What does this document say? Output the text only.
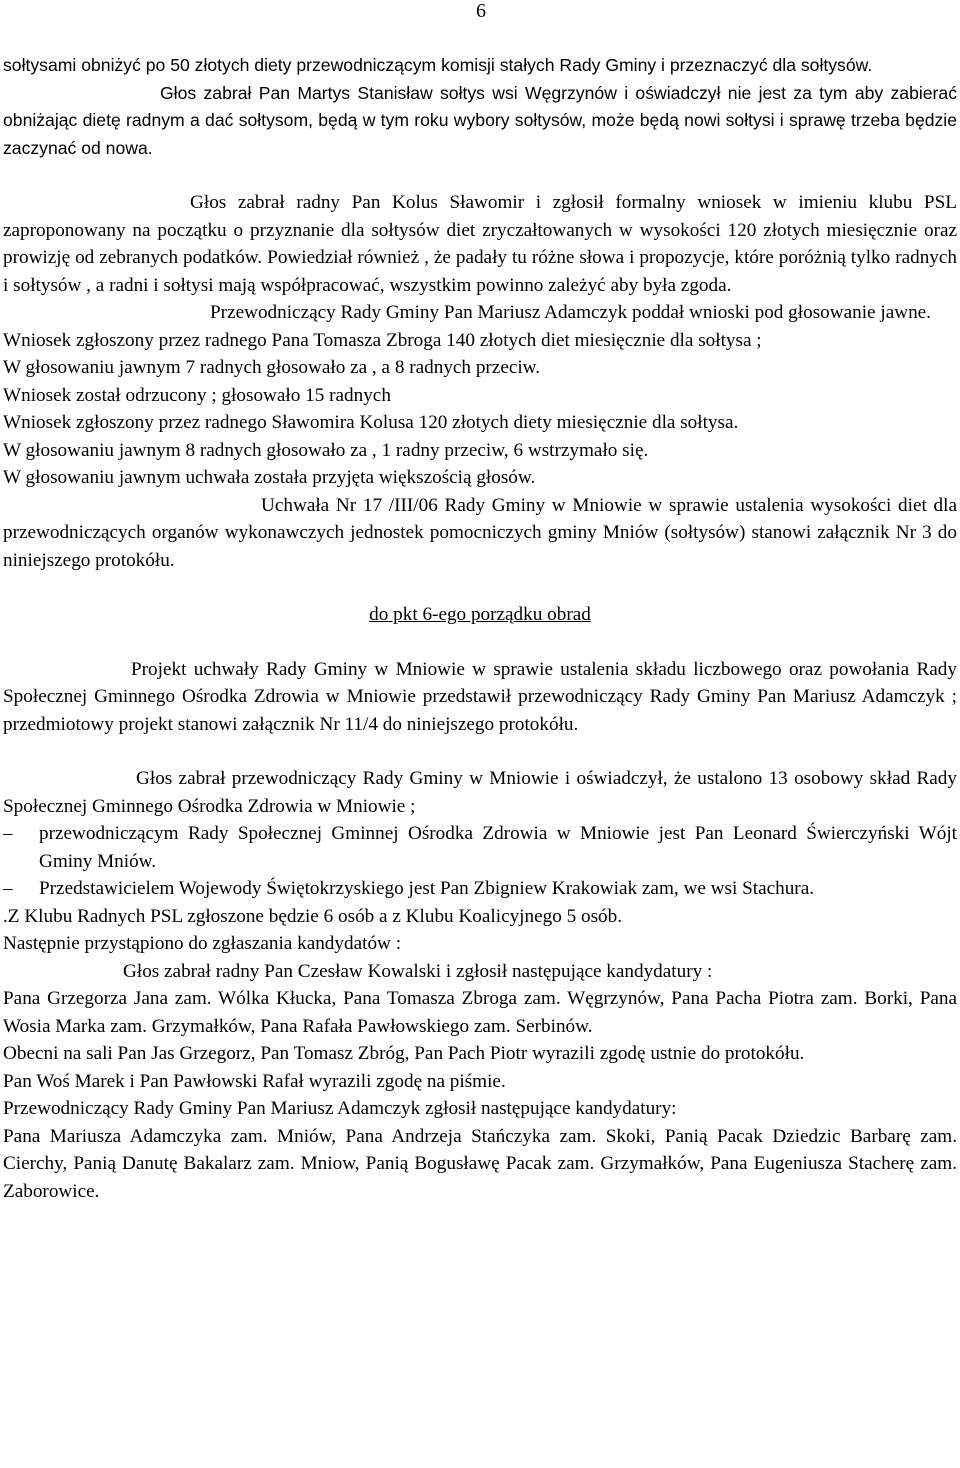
6

sołtysami obniżyć po 50 złotych diety przewodniczącym komisji stałych Rady Gminy i przeznaczyć dla sołtysów.

Głos zabrał Pan Martys Stanisław sołtys wsi Węgrzynów i oświadczył nie jest za tym aby zabierać obniżając dietę radnym a dać sołtysom, będą w tym roku wybory sołtysów, może będą nowi sołtysi i sprawę trzeba będzie zaczynać od nowa.

Głos zabrał radny Pan Kolus Sławomir i zgłosił formalny wniosek w imieniu klubu PSL zaproponowany na początku o przyznanie dla sołtysów diet zryczałtowanych w wysokości 120 złotych miesięcznie oraz prowizję od zebranych podatków. Powiedział również , że padały tu różne słowa i propozycje, które poróżnią tylko radnych i sołtysów , a radni i sołtysi mają współpracować, wszystkim powinno zależyć aby była zgoda.

Przewodniczący Rady Gminy Pan Mariusz Adamczyk poddał wnioski pod głosowanie jawne.

Wniosek zgłoszony przez radnego Pana Tomasza Zbroga 140 złotych diet miesięcznie dla sołtysa ;

W głosowaniu jawnym 7 radnych głosowało za , a 8 radnych przeciw.

Wniosek został odrzucony ; głosowało 15 radnych

Wniosek zgłoszony przez radnego Sławomira Kolusa 120 złotych diety miesięcznie dla sołtysa.

W głosowaniu jawnym 8 radnych głosowało za , 1 radny przeciw, 6 wstrzymało się.

W głosowaniu jawnym uchwała została przyjęta większością głosów.

Uchwała Nr 17 /III/06 Rady Gminy w Mniowie w sprawie ustalenia wysokości diet dla przewodniczących organów wykonawczych jednostek pomocniczych gminy Mniów (sołtysów) stanowi załącznik Nr 3 do niniejszego protokółu.

do pkt 6-ego porządku obrad

Projekt uchwały Rady Gminy w Mniowie w sprawie ustalenia składu liczbowego oraz powołania Rady Społecznej Gminnego Ośrodka Zdrowia w Mniowie przedstawił przewodniczący Rady Gminy Pan Mariusz Adamczyk ; przedmiotowy projekt stanowi załącznik Nr 11/4 do niniejszego protokółu.

Głos zabrał przewodniczący Rady Gminy w Mniowie i oświadczył, że ustalono 13 osobowy skład Rady Społecznej Gminnego Ośrodka Zdrowia w Mniowie ;

– przewodniczącym Rady Społecznej Gminnej Ośrodka Zdrowia w Mniowie jest Pan Leonard Świerczyński Wójt Gminy Mniów.
– Przedstawicielem Wojewody Świętokrzyskiego jest Pan Zbigniew Krakowiak zam, we wsi Stachura.

.Z Klubu Radnych PSL zgłoszone będzie 6 osób a z Klubu Koalicyjnego 5 osób.

Następnie przystąpiono do zgłaszania kandydatów :

Głos zabrał radny Pan Czesław Kowalski i zgłosił następujące kandydatury :

Pana Grzegorza Jana zam. Wólka Kłucka, Pana Tomasza Zbroga zam. Węgrzynów, Pana Pacha Piotra zam. Borki, Pana Wosia Marka zam. Grzymałków, Pana Rafała Pawłowskiego zam. Serbinów.

Obecni na sali Pan Jas Grzegorz, Pan Tomasz Zbróg, Pan Pach Piotr wyrazili zgodę ustnie do protokółu.

Pan Woś Marek i Pan Pawłowski Rafał wyrazili zgodę na piśmie.

Przewodniczący Rady Gminy Pan Mariusz Adamczyk zgłosił następujące kandydatury:

Pana Mariusza Adamczyka zam. Mniów, Pana Andrzeja Stańczyka zam. Skoki, Panią Pacak Dziedzic Barbarę zam. Cierchy, Panią Danutę Bakalarz zam. Mniow, Panią Bogusławę Pacak zam. Grzymałków, Pana Eugeniusza Stacherę zam. Zaborowice.
